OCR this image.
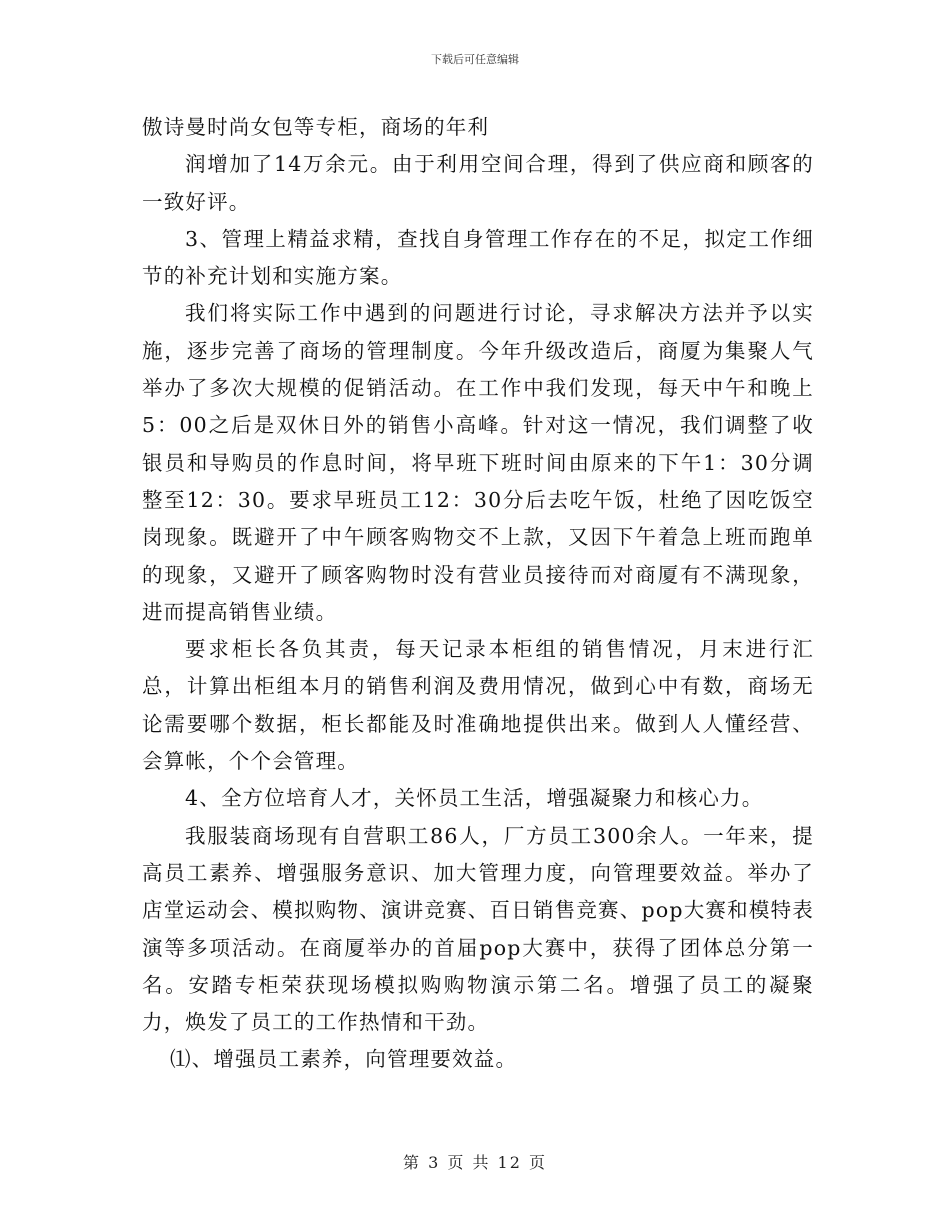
下载后可任意编辑

傲诗曼时尚女包等专柜，商场的年利

润增加了14万余元。由于利用空间合理，得到了供应商和顾客的一致好评。

3、管理上精益求精，查找自身管理工作存在的不足，拟定工作细节的补充计划和实施方案。

我们将实际工作中遇到的问题进行讨论，寻求解决方法并予以实施，逐步完善了商场的管理制度。今年升级改造后，商厦为集聚人气举办了多次大规模的促销活动。在工作中我们发现，每天中午和晚上5：00之后是双休日外的销售小高峰。针对这一情况，我们调整了收银员和导购员的作息时间，将早班下班时间由原来的下午1：30分调整至12：30。要求早班员工12：30分后去吃午饭，杜绝了因吃饭空岗现象。既避开了中午顾客购物交不上款，又因下午着急上班而跑单的现象，又避开了顾客购物时没有营业员接待而对商厦有不满现象，进而提高销售业绩。

要求柜长各负其责，每天记录本柜组的销售情况，月末进行汇总，计算出柜组本月的销售利润及费用情况，做到心中有数，商场无论需要哪个数据，柜长都能及时准确地提供出来。做到人人懂经营、会算帐，个个会管理。

4、全方位培育人才，关怀员工生活，增强凝聚力和核心力。

我服装商场现有自营职工86人，厂方员工300余人。一年来，提高员工素养、增强服务意识、加大管理力度，向管理要效益。举办了店堂运动会、模拟购物、演讲竞赛、百日销售竞赛、pop大赛和模特表演等多项活动。在商厦举办的首届pop大赛中，获得了团体总分第一名。安踏专柜荣获现场模拟购购物演示第二名。增强了员工的凝聚力，焕发了员工的工作热情和干劲。

⑴、增强员工素养，向管理要效益。

第 3 页 共 12 页
